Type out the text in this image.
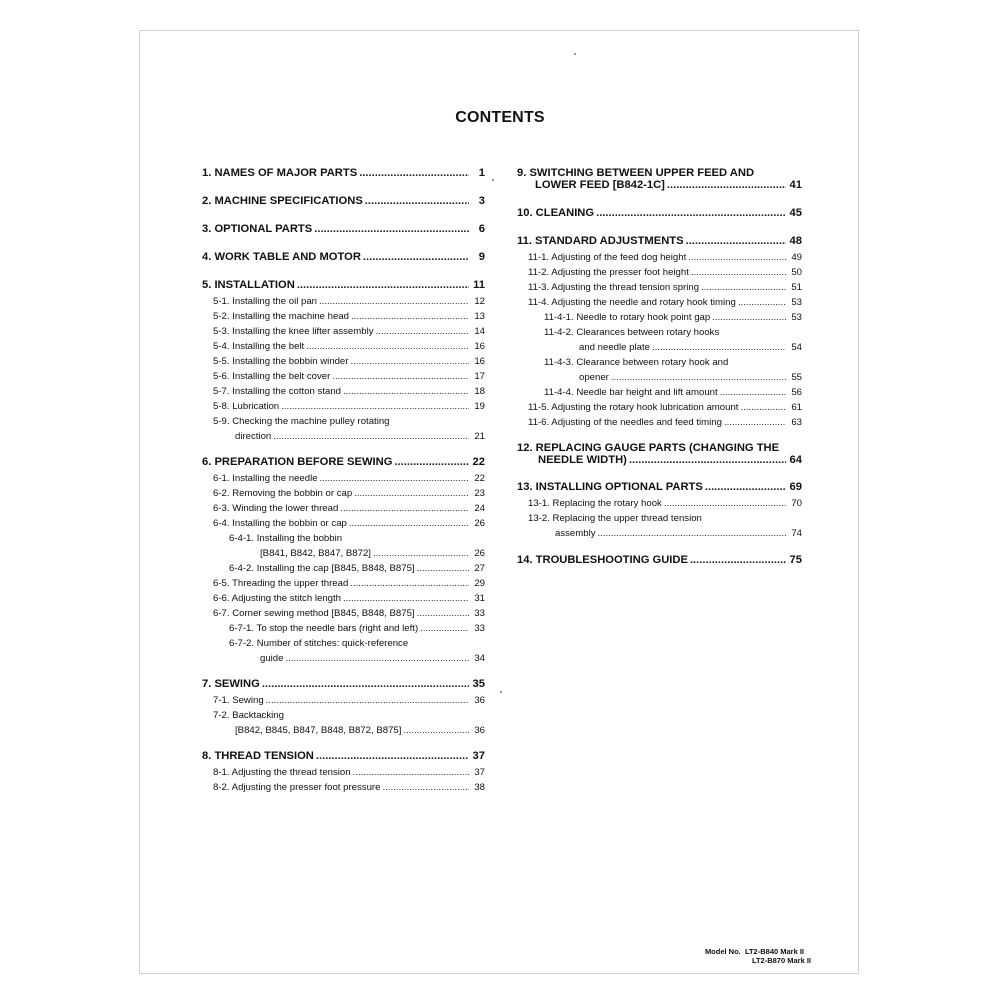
CONTENTS
1. NAMES OF MAJOR PARTS .....	1
2. MACHINE SPECIFICATIONS .....	3
3. OPTIONAL PARTS .....	6
4. WORK TABLE AND MOTOR .....	9
5. INSTALLATION .....	11
5-1. Installing the oil pan .....	12
5-2. Installing the machine head .....	13
5-3. Installing the knee lifter assembly .....	14
5-4. Installing the belt .....	16
5-5. Installing the bobbin winder .....	16
5-6. Installing the belt cover .....	17
5-7. Installing the cotton stand .....	18
5-8. Lubrication .....	19
5-9. Checking the machine pulley rotating
direction .....	21
6. PREPARATION BEFORE SEWING .....	22
6-1. Installing the needle .....	22
6-2. Removing the bobbin or cap .....	23
6-3. Winding the lower thread .....	24
6-4. Installing the bobbin or cap .....	26
6-4-1. Installing the bobbin
[B841, B842, B847, B872] .....	26
6-4-2. Installing the cap [B845, B848, B875] .....	27
6-5. Threading the upper thread .....	29
6-6. Adjusting the stitch length .....	31
6-7. Corner sewing method [B845, B848, B875] .....	33
6-7-1. To stop the needle bars (right and left) .....	33
6-7-2. Number of stitches: quick-reference
guide .....	34
7. SEWING .....	35
7-1. Sewing .....	36
7-2. Backtacking
[B842, B845, B847, B848, B872, B875] .....	36
8. THREAD TENSION .....	37
8-1. Adjusting the thread tension .....	37
8-2. Adjusting the presser foot pressure .....	38
9. SWITCHING BETWEEN UPPER FEED AND
LOWER FEED [B842-1C] .....	41
10. CLEANING .....	45
11. STANDARD ADJUSTMENTS .....	48
11-1. Adjusting of the feed dog height .....	49
11-2. Adjusting the presser foot height .....	50
11-3. Adjusting the thread tension spring .....	51
11-4. Adjusting the needle and rotary hook timing .....	53
11-4-1. Needle to rotary hook point gap .....	53
11-4-2. Clearances between rotary hooks
and needle plate .....	54
11-4-3. Clearance between rotary hook and
opener .....	55
11-4-4. Needle bar height and lift amount .....	56
11-5. Adjusting the rotary hook lubrication amount .....	61
11-6. Adjusting of the needles and feed timing .....	63
12. REPLACING GAUGE PARTS (CHANGING THE
NEEDLE WIDTH) .....	64
13. INSTALLING OPTIONAL PARTS .....	69
13-1. Replacing the rotary hook .....	70
13-2. Replacing the upper thread tension
assembly .....	74
14. TROUBLESHOOTING GUIDE .....	75
Model No. LT2-B840 Mark II
LT2-B870 Mark II
